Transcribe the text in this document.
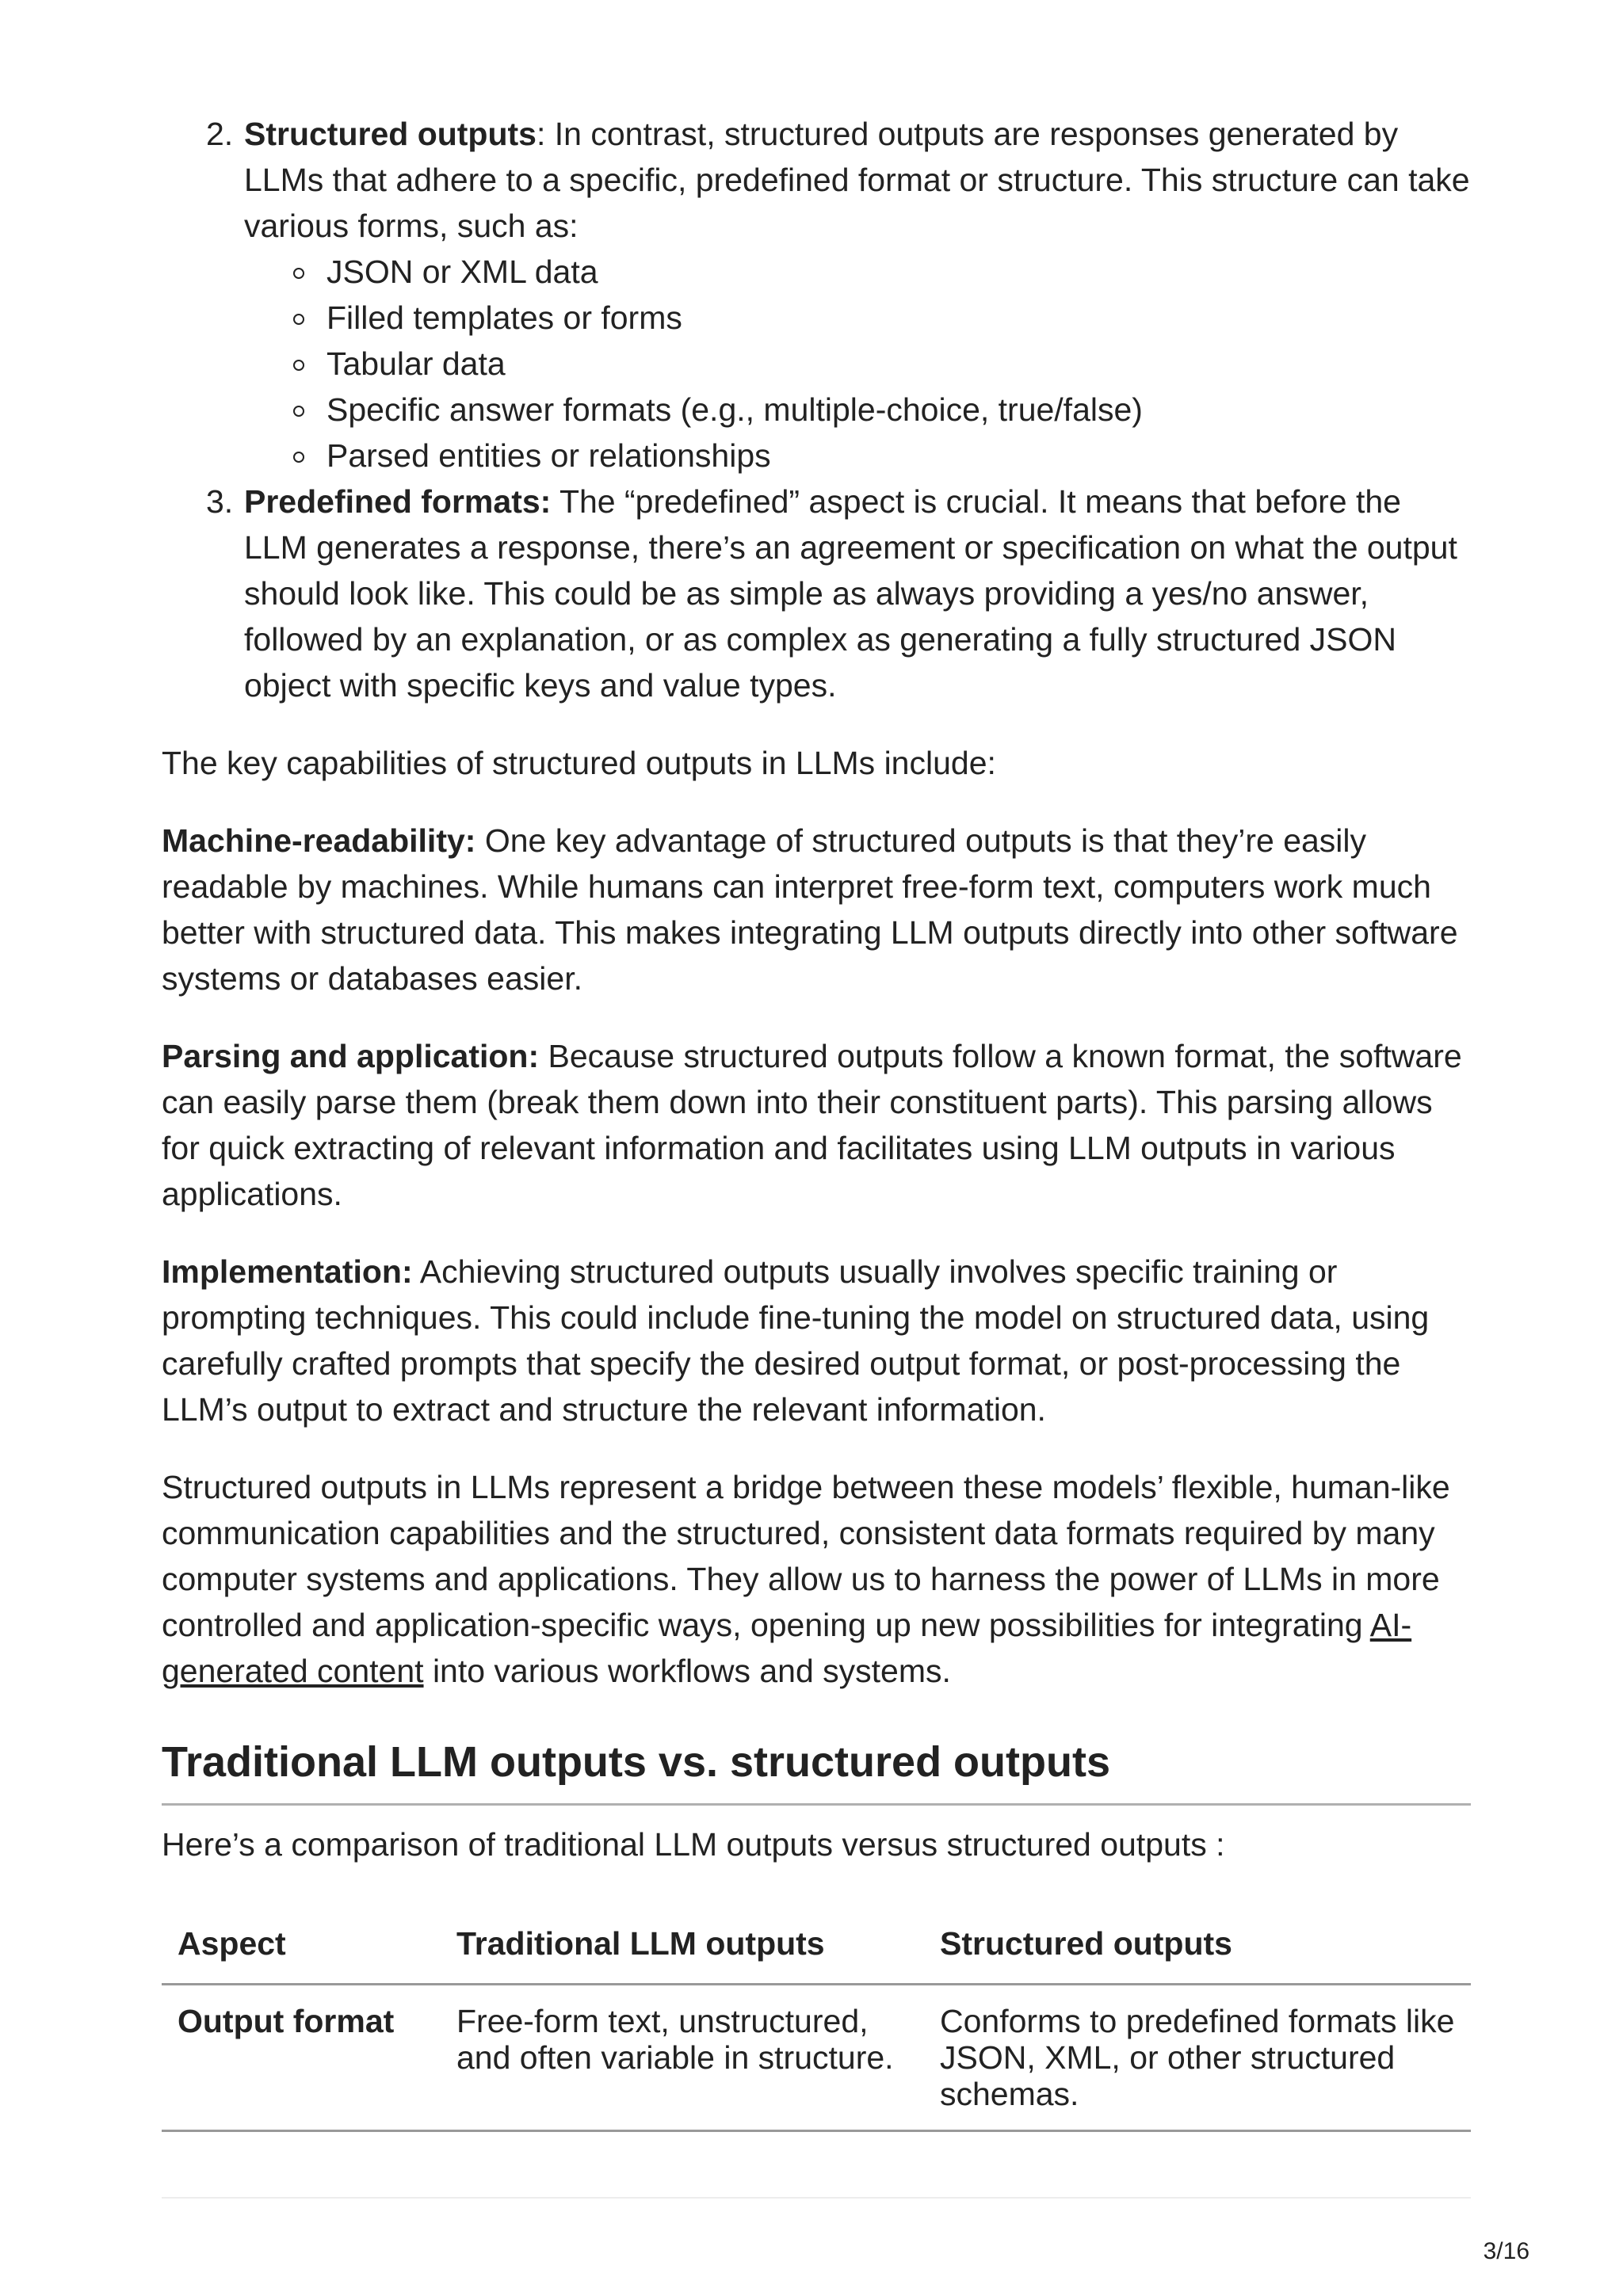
2. Structured outputs: In contrast, structured outputs are responses generated by LLMs that adhere to a specific, predefined format or structure. This structure can take various forms, such as:
JSON or XML data
Filled templates or forms
Tabular data
Specific answer formats (e.g., multiple-choice, true/false)
Parsed entities or relationships
3. Predefined formats: The “predefined” aspect is crucial. It means that before the LLM generates a response, there’s an agreement or specification on what the output should look like. This could be as simple as always providing a yes/no answer, followed by an explanation, or as complex as generating a fully structured JSON object with specific keys and value types.

The key capabilities of structured outputs in LLMs include:

Machine-readability: One key advantage of structured outputs is that they’re easily readable by machines. While humans can interpret free-form text, computers work much better with structured data. This makes integrating LLM outputs directly into other software systems or databases easier.

Parsing and application: Because structured outputs follow a known format, the software can easily parse them (break them down into their constituent parts). This parsing allows for quick extracting of relevant information and facilitates using LLM outputs in various applications.

Implementation: Achieving structured outputs usually involves specific training or prompting techniques. This could include fine-tuning the model on structured data, using carefully crafted prompts that specify the desired output format, or post-processing the LLM’s output to extract and structure the relevant information.

Structured outputs in LLMs represent a bridge between these models’ flexible, human-like communication capabilities and the structured, consistent data formats required by many computer systems and applications. They allow us to harness the power of LLMs in more controlled and application-specific ways, opening up new possibilities for integrating AI-generated content into various workflows and systems.

Traditional LLM outputs vs. structured outputs

Here’s a comparison of traditional LLM outputs versus structured outputs :

Aspect	Traditional LLM outputs	Structured outputs
Output format	Free-form text, unstructured, and often variable in structure.	Conforms to predefined formats like JSON, XML, or other structured schemas.
3/16
